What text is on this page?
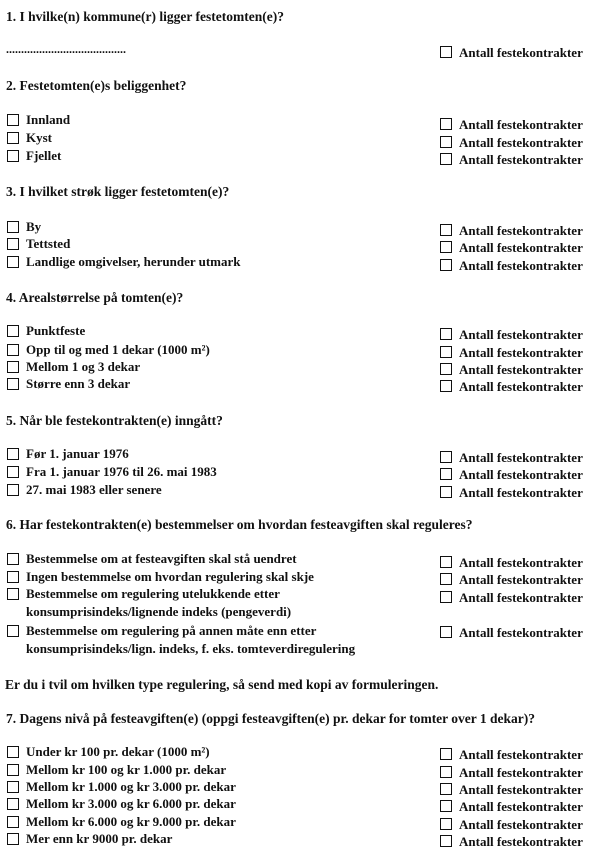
1. I hvilke(n) kommune(r) ligger festetomten(e)?
........................................	Antall festekontrakter
2. Festetomten(e)s beliggenhet?
Innland
Kyst
Fjellet
Antall festekontrakter
Antall festekontrakter
Antall festekontrakter
3. I hvilket strøk ligger festetomten(e)?
By
Tettsted
Landlige omgivelser, herunder utmark
Antall festekontrakter
Antall festekontrakter
Antall festekontrakter
4. Arealstørrelse på tomten(e)?
Punktfeste
Opp til og med 1 dekar (1000 m²)
Mellom 1 og 3 dekar
Større enn 3 dekar
Antall festekontrakter
Antall festekontrakter
Antall festekontrakter
Antall festekontrakter
5. Når ble festekontrakten(e) inngått?
Før 1. januar 1976
Fra 1. januar 1976 til 26. mai 1983
27. mai 1983 eller senere
Antall festekontrakter
Antall festekontrakter
Antall festekontrakter
6. Har festekontrakten(e) bestemmelser om hvordan festeavgiften skal reguleres?
Bestemmelse om at festeavgiften skal stå uendret
Ingen bestemmelse om hvordan regulering skal skje
Bestemmelse om regulering utelukkende etter
konsumprisindeks/lignende indeks (pengeverdi)
Bestemmelse om regulering på annen måte enn etter
konsumprisindeks/lign. indeks, f. eks. tomteverdiregulering
Antall festekontrakter
Antall festekontrakter
Antall festekontrakter
Antall festekontrakter
Er du i tvil om hvilken type regulering, så send med kopi av formuleringen.
7. Dagens nivå på festeavgiften(e) (oppgi festeavgiften(e) pr. dekar for tomter over 1 dekar)?
Under kr 100 pr. dekar (1000 m²)
Mellom kr 100 og kr 1.000 pr. dekar
Mellom kr 1.000 og kr 3.000 pr. dekar
Mellom kr 3.000 og kr 6.000 pr. dekar
Mellom kr 6.000 og kr 9.000 pr. dekar
Mer enn kr 9000 pr. dekar
Antall festekontrakter
Antall festekontrakter
Antall festekontrakter
Antall festekontrakter
Antall festekontrakter
Antall festekontrakter
